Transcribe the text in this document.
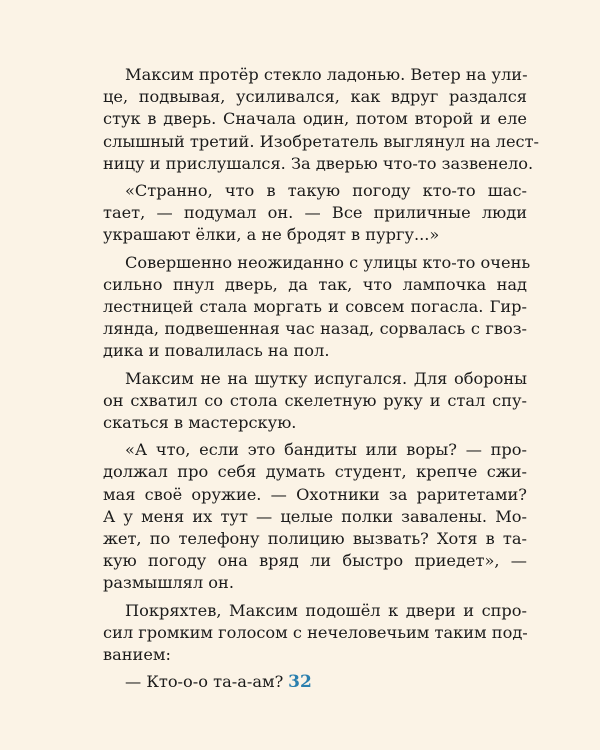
Максим протёр стекло ладонью. Ветер на ули-
це, подвывая, усиливался, как вдруг раздался
стук в дверь. Сначала один, потом второй и еле
слышный третий. Изобретатель выглянул на лест-
ницу и прислушался. За дверью что-то зазвенело.
«Странно, что в такую погоду кто-то шас-
тает, — подумал он. — Все приличные люди
украшают ёлки, а не бродят в пургу...»
Совершенно неожиданно с улицы кто-то очень
сильно пнул дверь, да так, что лампочка над
лестницей стала моргать и совсем погасла. Гир-
лянда, подвешенная час назад, сорвалась с гвоз-
дика и повалилась на пол.
Максим не на шутку испугался. Для обороны
он схватил со стола скелетную руку и стал спу-
скаться в мастерскую.
«А что, если это бандиты или воры? — про-
должал про себя думать студент, крепче сжи-
мая своё оружие. — Охотники за раритетами?
А у меня их тут — целые полки завалены. Мо-
жет, по телефону полицию вызвать? Хотя в та-
кую погоду она вряд ли быстро приедет», —
размышлял он.
Покряхтев, Максим подошёл к двери и спро-
сил громким голосом с нечеловечьим таким под-
ванием:
— Кто-о-о та-а-ам? 32
